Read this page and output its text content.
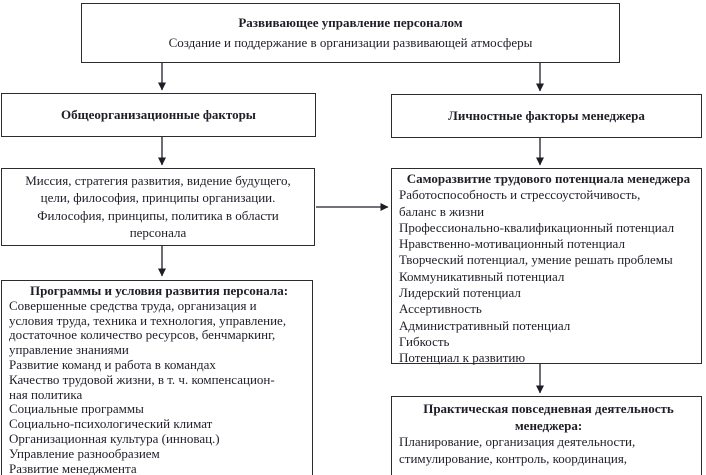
Развивающее управление персоналом
Создание и поддержание в организации развивающей атмосферы
Общеорганизационные факторы	Личностные факторы менеджера
Миссия, стратегия развития, видение будущего,
цели, философия, принципы организации.
Философия, принципы, политика в области
персонала
Саморазвитие трудового потенциала менеджера
Работоспособность и стрессоустойчивость,
баланс в жизни
Профессионально-квалификационный потенциал
Нравственно-мотивационный потенциал
Творческий потенциал, умение решать проблемы
Коммуникативный потенциал
Лидерский потенциал
Ассертивность
Административный потенциал
Гибкость
Потенциал к развитию
Программы и условия развития персонала:
Совершенные средства труда, организация и
условия труда, техника и технология, управление,
достаточное количество ресурсов, бенчмаркинг,
управление знаниями
Развитие команд и работа в командах
Качество трудовой жизни, в т. ч. компенсацион-
ная политика
Социальные программы
Социально-психологический климат
Организационная культура (инновац.)
Управление разнообразием
Развитие менеджмента
Практическая повседневная деятельность менеджера:
Планирование, организация деятельности,
стимулирование, контроль, координация,
